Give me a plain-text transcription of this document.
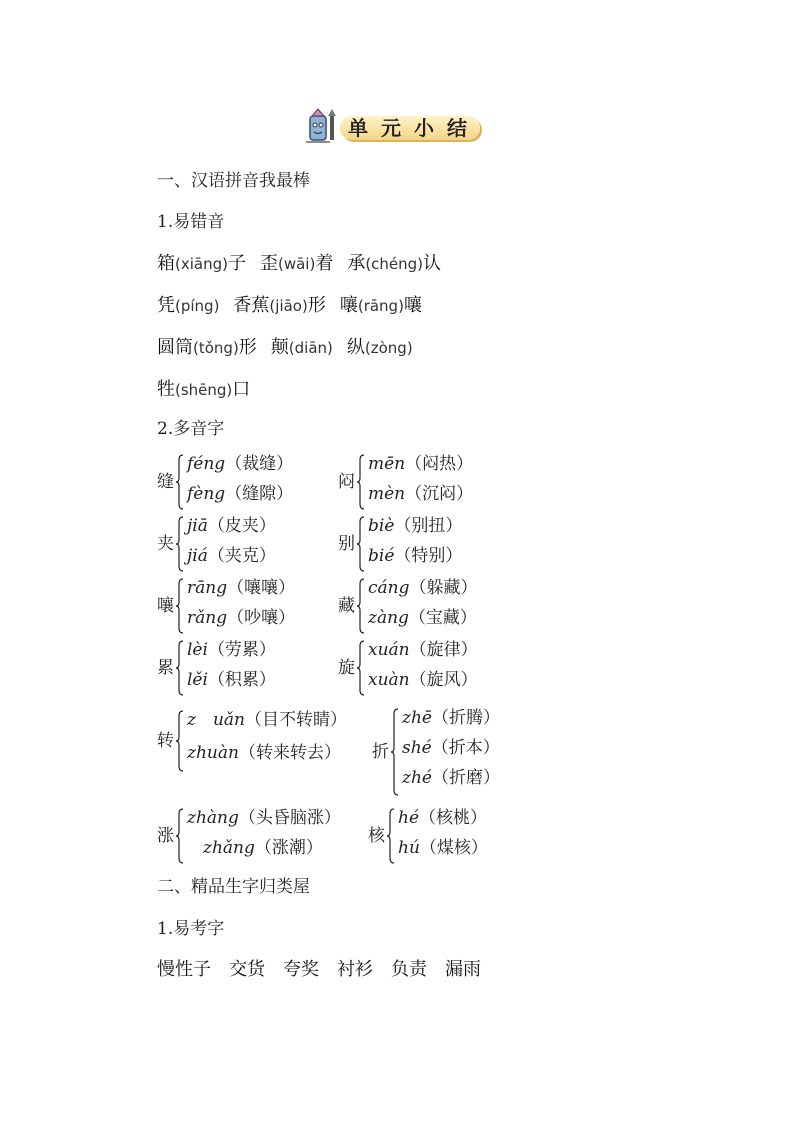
单元小结
一、汉语拼音我最棒
1.易错音
箱(xiāng)子 歪(wāi)着 承(chéng)认
凭(píng) 香蕉(jiāo)形 嚷(rāng)嚷
圆筒(tǒng)形 颠(diān) 纵(zòng)
牲(shēng)口
2.多音字
缝
féng（裁缝）
fèng（缝隙）
闷
mēn（闷热）
mèn（沉闷）
夹
jiā（皮夹）
jiá（夹克）
别
biè（别扭）
bié（特别）
嚷
rāng（嚷嚷）
rǎng（吵嚷）
藏
cáng（躲藏）
zàng（宝藏）
累
lèi（劳累）
lěi（积累）
旋
xuán（旋律）
xuàn（旋风）
转
z　uǎn（目不转睛）
zhuàn（转来转去） 折
zhē（折腾）
shé（折本）
zhé（折磨）
涨
zhàng（头昏脑涨）
zhǎng（涨潮）
核
hé（核桃）
hú（煤核）
二、精品生字归类屋
1.易考字
慢性子 交货 夸奖 衬衫 负责 漏雨
